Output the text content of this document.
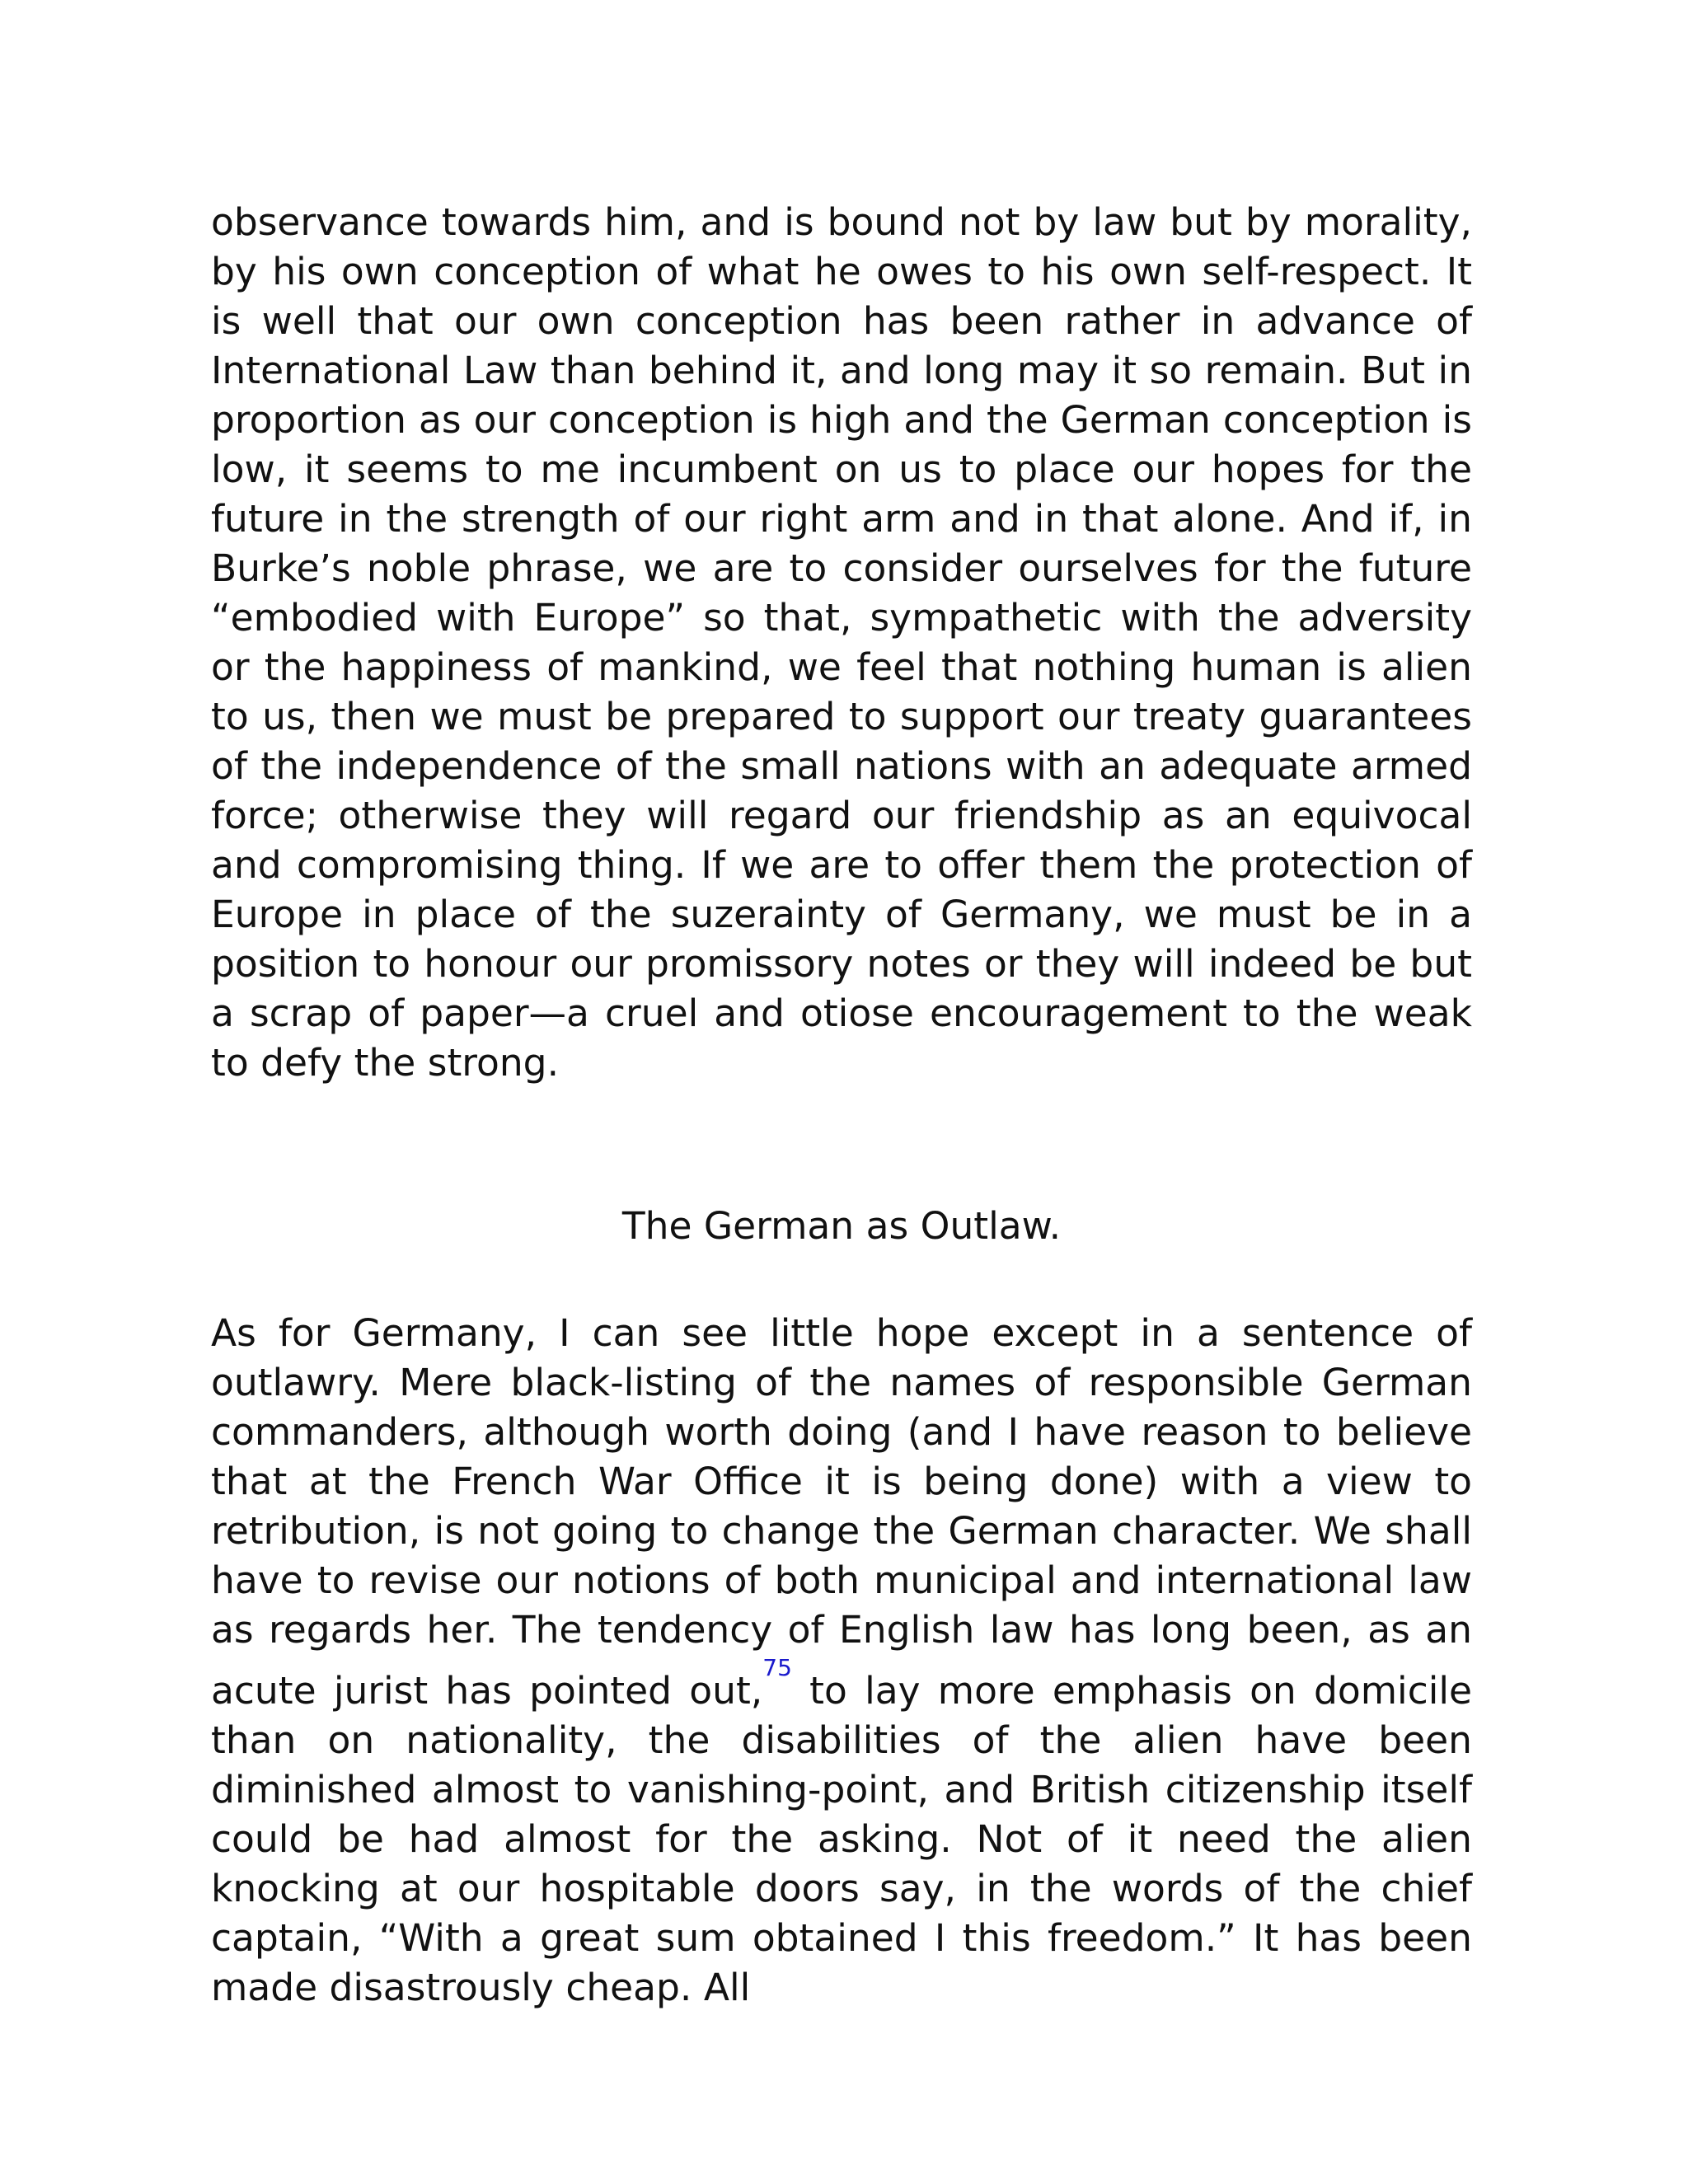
observance towards him, and is bound not by law but by morality, by his own conception of what he owes to his own self-respect. It is well that our own conception has been rather in advance of International Law than behind it, and long may it so remain. But in proportion as our conception is high and the German conception is low, it seems to me incumbent on us to place our hopes for the future in the strength of our right arm and in that alone. And if, in Burke’s noble phrase, we are to consider ourselves for the future “embodied with Europe” so that, sympathetic with the adversity or the happiness of mankind, we feel that nothing human is alien to us, then we must be prepared to support our treaty guarantees of the independence of the small nations with an adequate armed force; otherwise they will regard our friendship as an equivocal and compromising thing. If we are to offer them the protection of Europe in place of the suzerainty of Germany, we must be in a position to honour our promissory notes or they will indeed be but a scrap of paper—a cruel and otiose encouragement to the weak to defy the strong.

The German as Outlaw.

As for Germany, I can see little hope except in a sentence of outlawry. Mere black-listing of the names of responsible German commanders, although worth doing (and I have reason to believe that at the French War Office it is being done) with a view to retribution, is not going to change the German character. We shall have to revise our notions of both municipal and international law as regards her. The tendency of English law has long been, as an acute jurist has pointed out,$^{^{75}}$ to lay more emphasis on domicile than on nationality, the disabilities of the alien have been diminished almost to vanishing-point, and British citizenship itself could be had almost for the asking. Not of it need the alien knocking at our hospitable doors say, in the words of the chief captain, “With a great sum obtained I this freedom.” It has been made disastrously cheap. All
